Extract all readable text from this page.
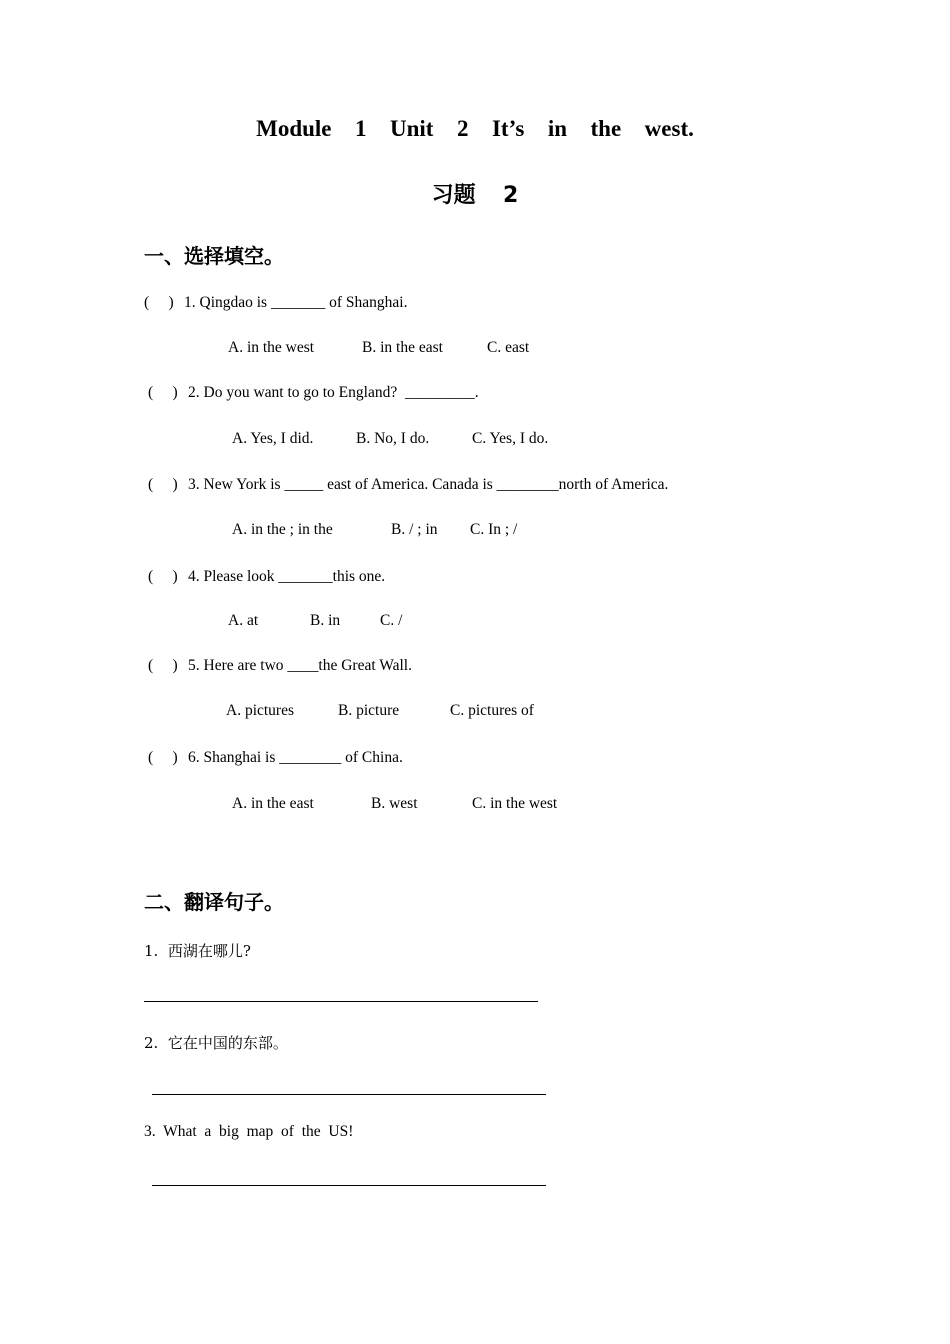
Module  1  Unit  2  It’s  in  the  west.
习题  2
一、选择填空。
(     ) 1. Qingdao is _______ of Shanghai.
A. in the west	B. in the east	C. east
(     ) 2. Do you want to go to England?  _________.
A. Yes, I did.	B. No, I do.	C. Yes, I do.
(     ) 3. New York is _____ east of America. Canada is ________north of America.
A. in the ; in the	B. / ; in C. In ; /
(     ) 4. Please look _______this one.
A. at	B. in	C. /
(     ) 5. Here are two ____the Great Wall.
A. pictures	B. picture	C. pictures of
(     ) 6. Shanghai is ________ of China.
A. in the east	B. west	C. in the west
二、翻译句子。
1.  西湖在哪儿?
2.  它在中国的东部。
3.  What  a  big  map  of  the  US!
